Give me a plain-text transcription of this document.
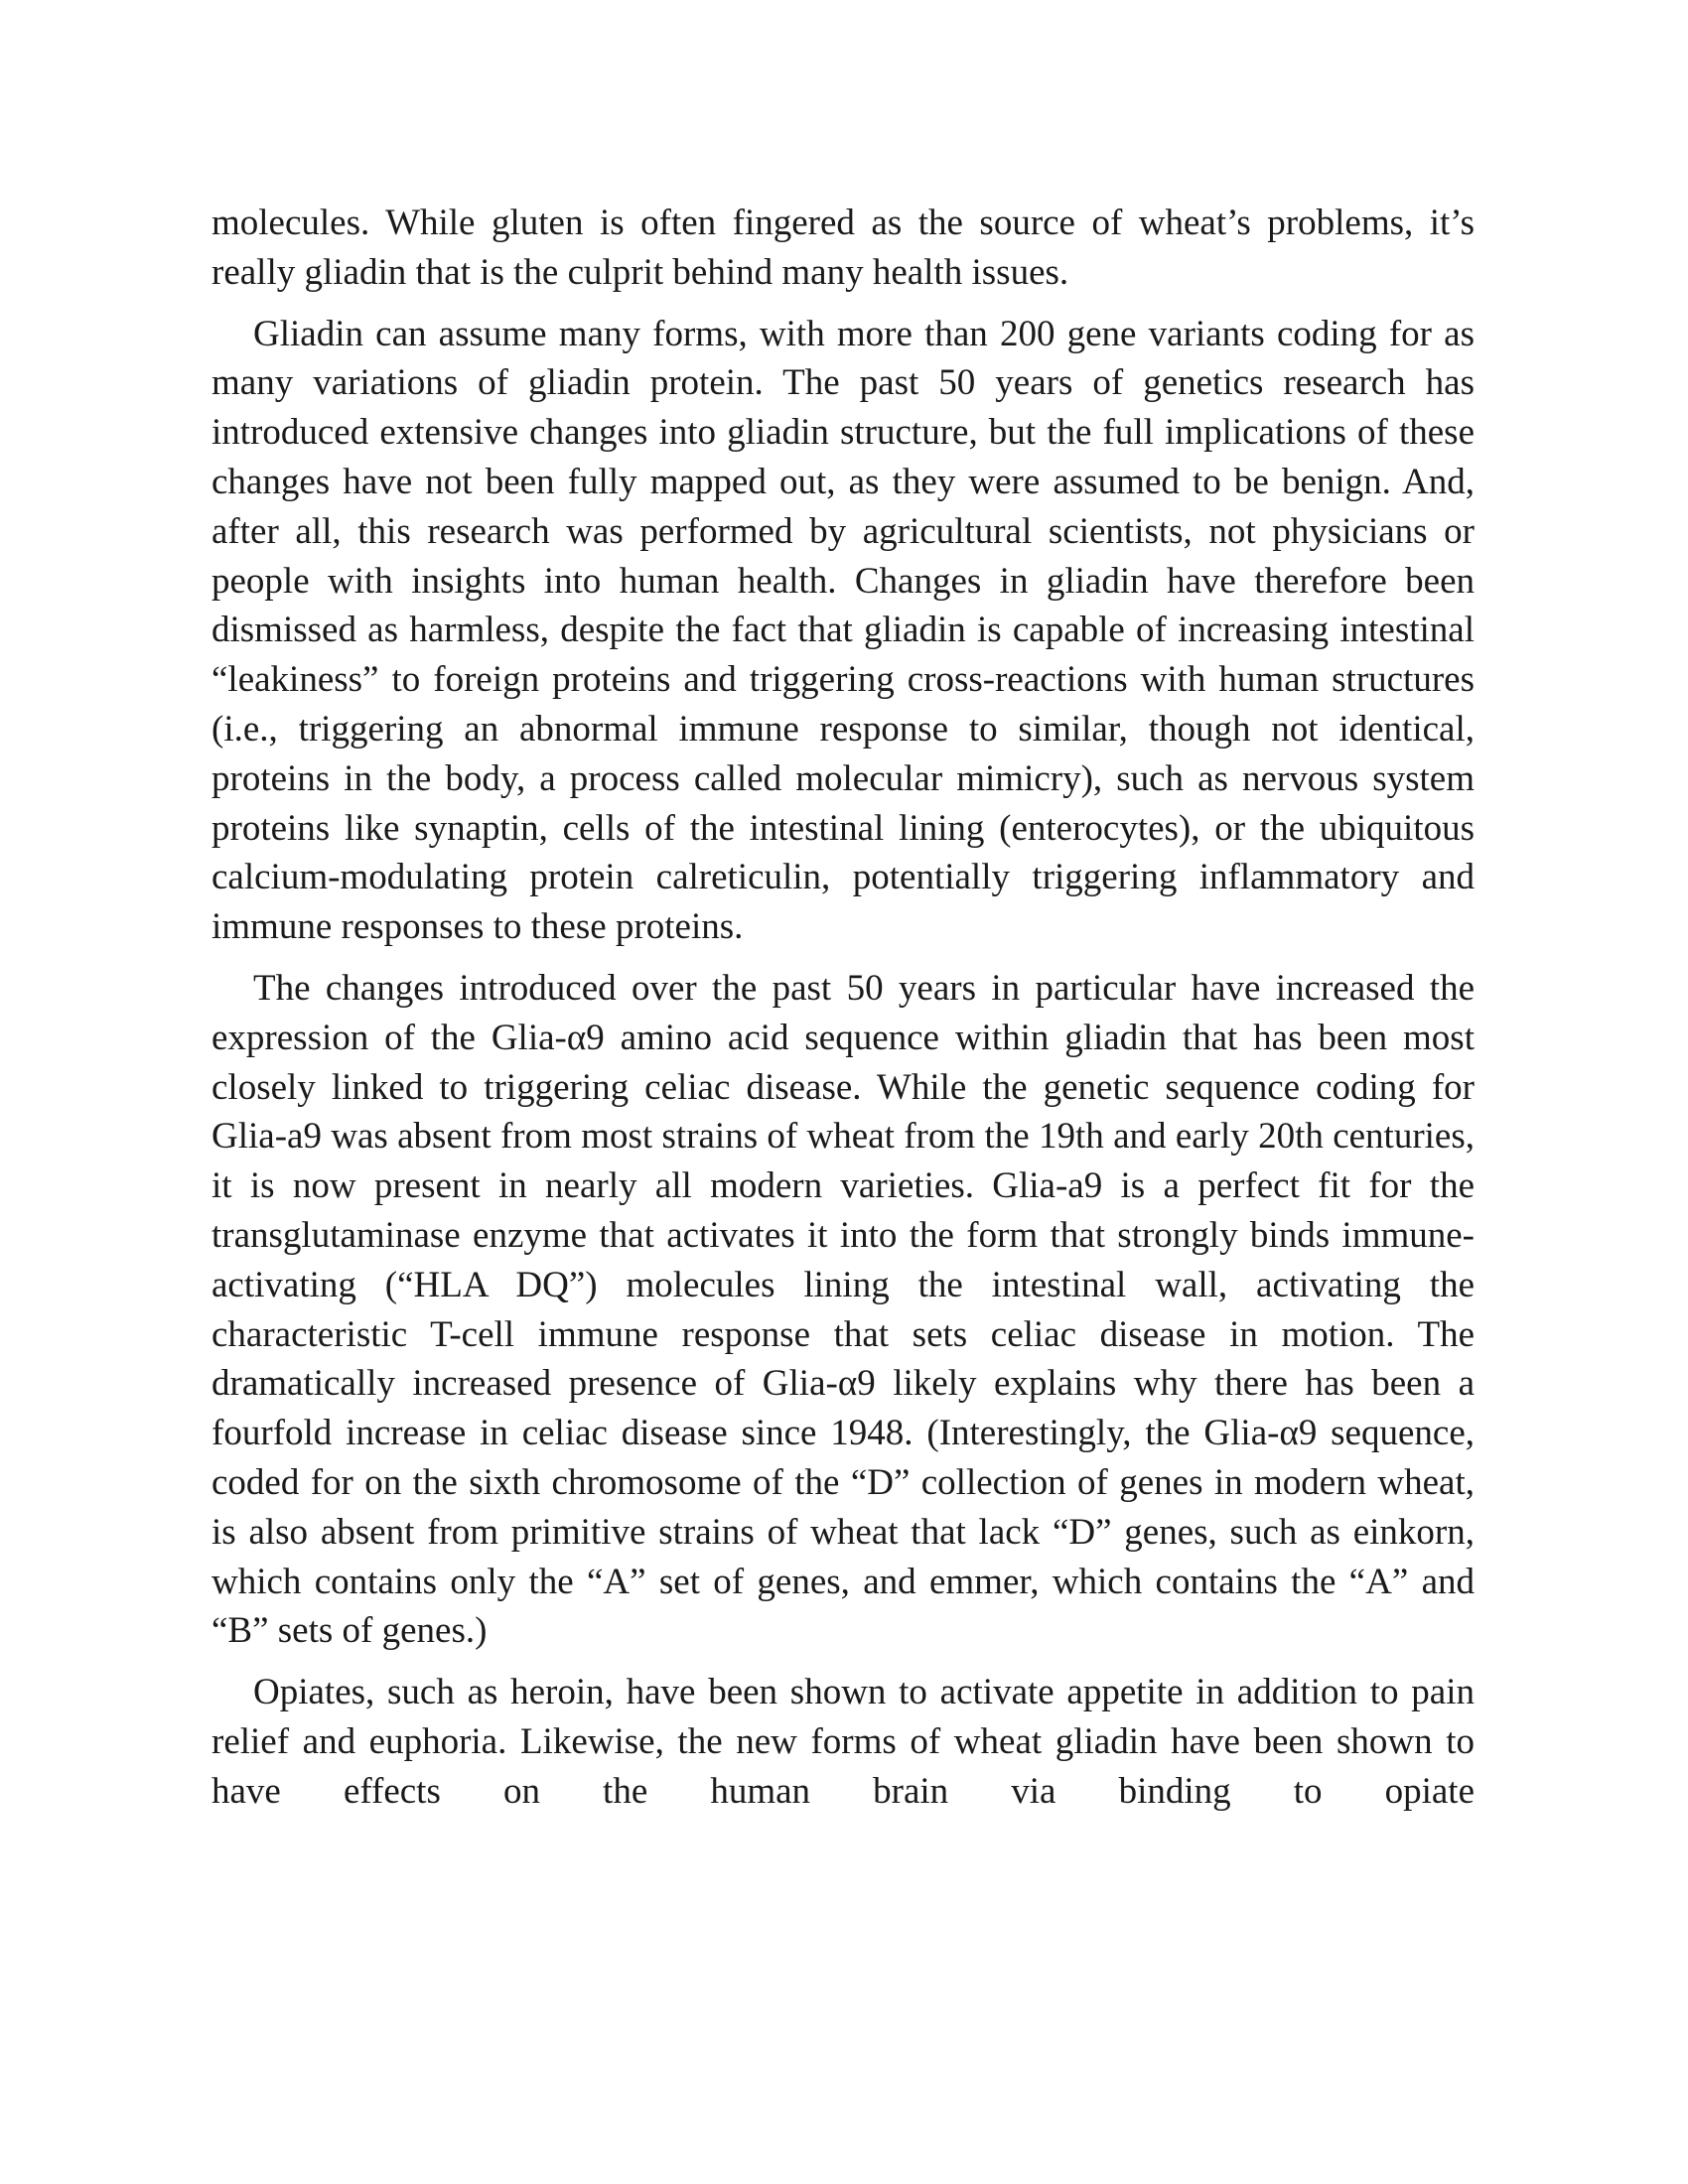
molecules. While gluten is often fingered as the source of wheat’s problems, it’s really gliadin that is the culprit behind many health issues.

Gliadin can assume many forms, with more than 200 gene variants coding for as many variations of gliadin protein. The past 50 years of genetics research has introduced extensive changes into gliadin structure, but the full implications of these changes have not been fully mapped out, as they were assumed to be benign. And, after all, this research was performed by agricultural scientists, not physicians or people with insights into human health. Changes in gliadin have therefore been dismissed as harmless, despite the fact that gliadin is capable of increasing intestinal “leakiness” to foreign proteins and triggering cross-reactions with human structures (i.e., triggering an abnormal immune response to similar, though not identical, proteins in the body, a process called molecular mimicry), such as nervous system proteins like synaptin, cells of the intestinal lining (enterocytes), or the ubiquitous calcium-modulating protein calreticulin, potentially triggering inflammatory and immune responses to these proteins.

The changes introduced over the past 50 years in particular have increased the expression of the Glia-α9 amino acid sequence within gliadin that has been most closely linked to triggering celiac disease. While the genetic sequence coding for Glia-a9 was absent from most strains of wheat from the 19th and early 20th centuries, it is now present in nearly all modern varieties. Glia-a9 is a perfect fit for the transglutaminase enzyme that activates it into the form that strongly binds immune-activating (“HLA DQ”) molecules lining the intestinal wall, activating the characteristic T-cell immune response that sets celiac disease in motion. The dramatically increased presence of Glia-α9 likely explains why there has been a fourfold increase in celiac disease since 1948. (Interestingly, the Glia-α9 sequence, coded for on the sixth chromosome of the “D” collection of genes in modern wheat, is also absent from primitive strains of wheat that lack “D” genes, such as einkorn, which contains only the “A” set of genes, and emmer, which contains the “A” and “B” sets of genes.)

Opiates, such as heroin, have been shown to activate appetite in addition to pain relief and euphoria. Likewise, the new forms of wheat gliadin have been shown to have effects on the human brain via binding to opiate
